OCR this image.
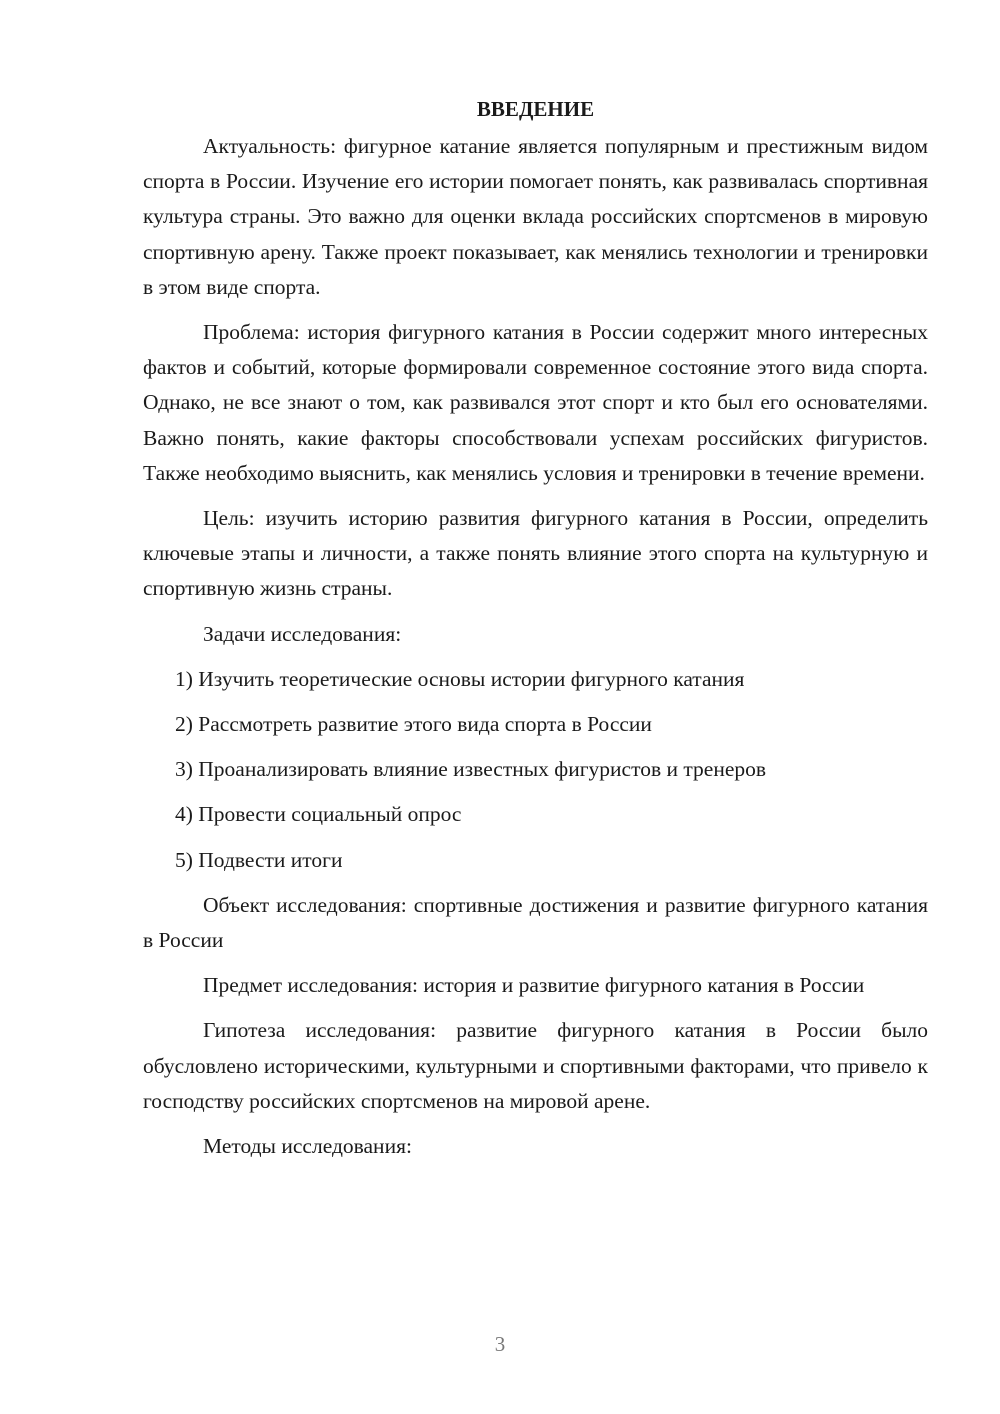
ВВЕДЕНИЕ

Актуальность: фигурное катание является популярным и престижным видом спорта в России. Изучение его истории помогает понять, как развивалась спортивная культура страны. Это важно для оценки вклада российских спортсменов в мировую спортивную арену. Также проект показывает, как менялись технологии и тренировки в этом виде спорта.

Проблема: история фигурного катания в России содержит много интересных фактов и событий, которые формировали современное состояние этого вида спорта. Однако, не все знают о том, как развивался этот спорт и кто был его основателями. Важно понять, какие факторы способствовали успехам российских фигуристов. Также необходимо выяснить, как менялись условия и тренировки в течение времени.

Цель: изучить историю развития фигурного катания в России, определить ключевые этапы и личности, а также понять влияние этого спорта на культурную и спортивную жизнь страны.

Задачи исследования:

1) Изучить теоретические основы истории фигурного катания
2) Рассмотреть развитие этого вида спорта в России
3) Проанализировать влияние известных фигуристов и тренеров
4) Провести социальный опрос
5) Подвести итоги

Объект исследования: спортивные достижения и развитие фигурного катания в России

Предмет исследования: история и развитие фигурного катания в России

Гипотеза исследования: развитие фигурного катания в России было обусловлено историческими, культурными и спортивными факторами, что привело к господству российских спортсменов на мировой арене.

Методы исследования:

3
